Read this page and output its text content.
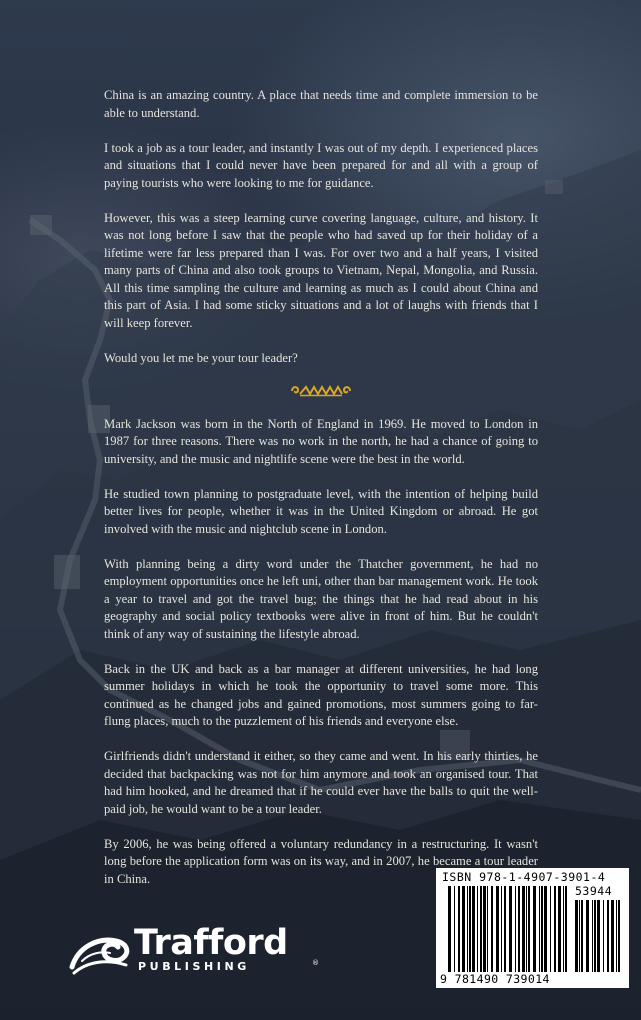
China is an amazing country. A place that needs time and complete immersion to be able to understand.

I took a job as a tour leader, and instantly I was out of my depth. I experienced places and situations that I could never have been prepared for and all with a group of paying tourists who were looking to me for guidance.

However, this was a steep learning curve covering language, culture, and history. It was not long before I saw that the people who had saved up for their holiday of a lifetime were far less prepared than I was. For over two and a half years, I visited many parts of China and also took groups to Vietnam, Nepal, Mongolia, and Russia. All this time sampling the culture and learning as much as I could about China and this part of Asia. I had some sticky situations and a lot of laughs with friends that I will keep forever.

Would you let me be your tour leader?

Mark Jackson was born in the North of England in 1969. He moved to London in 1987 for three reasons. There was no work in the north, he had a chance of going to university, and the music and nightlife scene were the best in the world.

He studied town planning to postgraduate level, with the intention of helping build better lives for people, whether it was in the United Kingdom or abroad. He got involved with the music and nightclub scene in London.

With planning being a dirty word under the Thatcher government, he had no employment opportunities once he left uni, other than bar management work. He took a year to travel and got the travel bug; the things that he had read about in his geography and social policy textbooks were alive in front of him. But he couldn't think of any way of sustaining the lifestyle abroad.

Back in the UK and back as a bar manager at different universities, he had long summer holidays in which he took the opportunity to travel some more. This continued as he changed jobs and gained promotions, most summers going to far-flung places, much to the puzzlement of his friends and everyone else.

Girlfriends didn't understand it either, so they came and went. In his early thirties, he decided that backpacking was not for him anymore and took an organised tour. That had him hooked, and he dreamed that if he could ever have the balls to quit the well-paid job, he would want to be a tour leader.

By 2006, he was being offered a voluntary redundancy in a restructuring. It wasn't long before the application form was on its way, and in 2007, he became a tour leader in China.	ISBN 978-1-4907-3901-4
53944
9 781490 739014
Trafford
PUBLISHING	®
